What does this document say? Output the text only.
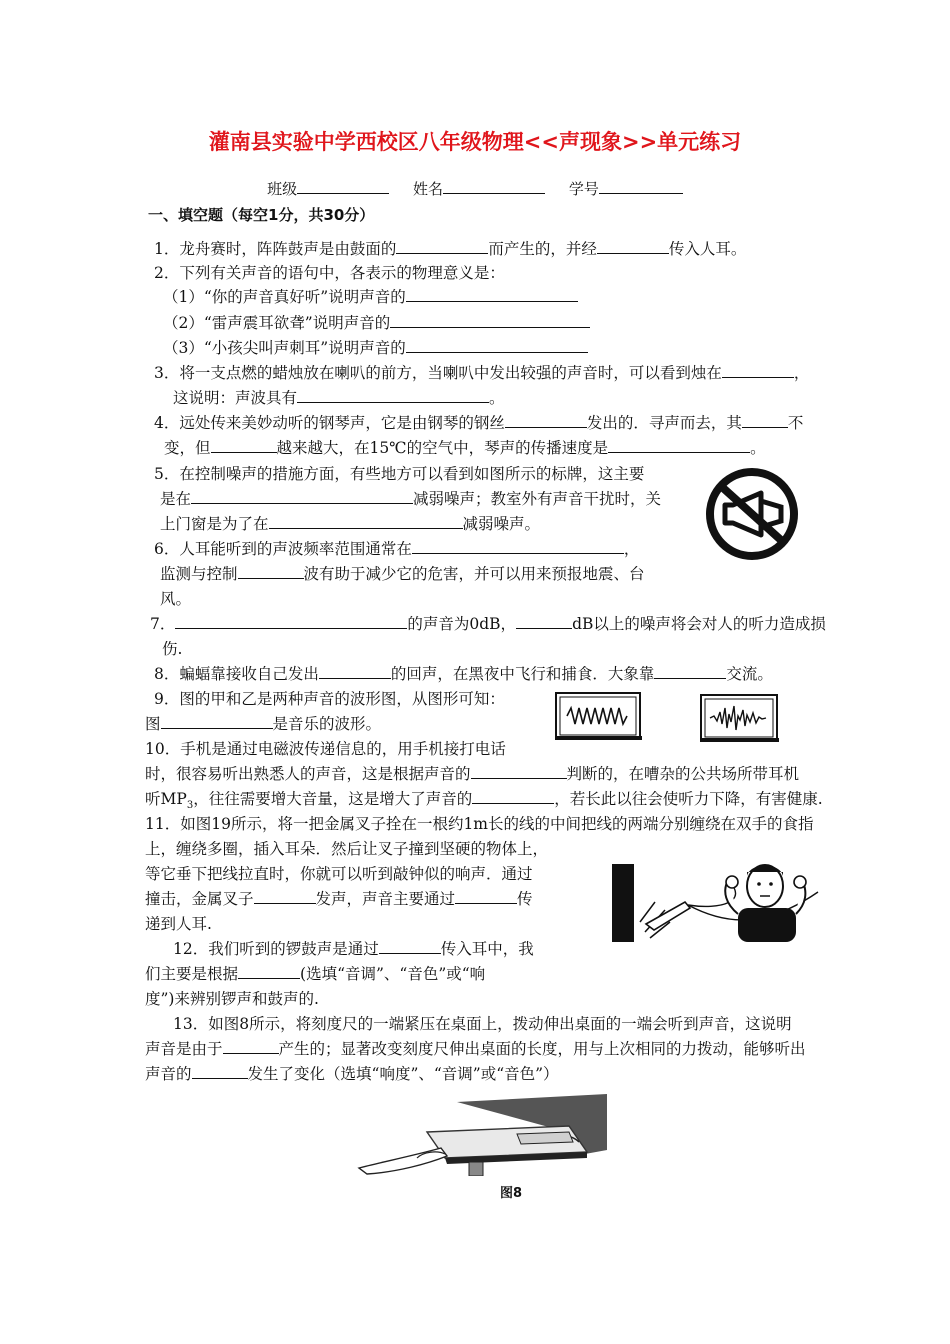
灌南县实验中学西校区八年级物理<<声现象>>单元练习
班级	姓名	学号
一、填空题（每空1分，共30分）
1．龙舟赛时，阵阵鼓声是由鼓面的	而产生的，并经	传入人耳。
2．下列有关声音的语句中，各表示的物理意义是：
（1）“你的声音真好听”说明声音的
（2）“雷声震耳欲聋”说明声音的
（3）“小孩尖叫声刺耳”说明声音的
3．将一支点燃的蜡烛放在喇叭的前方，当喇叭中发出较强的声音时，可以看到烛在	，
这说明：声波具有	。
4．远处传来美妙动听的钢琴声，它是由钢琴的钢丝	发出的．寻声而去，其	不
变，但	越来越大，在15℃的空气中，琴声的传播速度是	。
5．在控制噪声的措施方面，有些地方可以看到如图所示的标牌，这主要
是在	减弱噪声；教室外有声音干扰时，关
上门窗是为了在	减弱噪声。
6．人耳能听到的声波频率范围通常在	，
监测与控制	波有助于减少它的危害，并可以用来预报地震、台
风。
7．	的声音为0dB，	dB以上的噪声将会对人的听力造成损
伤.
8．蝙蝠靠接收自己发出	的回声，在黑夜中飞行和捕食．大象靠	交流。
9．图的甲和乙是两种声音的波形图，从图形可知：
图	是音乐的波形。
10．手机是通过电磁波传递信息的，用手机接打电话
时，很容易听出熟悉人的声音，这是根据声音的	判断的，在嘈杂的公共场所带耳机
听$MP_3$，往往需要增大音量，这是增大了声音的	，若长此以往会使听力下降，有害健康.
11．如图19所示，将一把金属叉子拴在一根约1m长的线的中间把线的两端分别缠绕在双手的食指
上，缠绕多圈，插入耳朵．然后让叉子撞到坚硬的物体上，
等它垂下把线拉直时，你就可以听到敲钟似的响声．通过
撞击，金属叉子	发声，声音主要通过	传
递到人耳.
12．我们听到的锣鼓声是通过	传入耳中，我
们主要是根据	(选填“音调”、“音色”或“响
度”)来辨别锣声和鼓声的.
13．如图8所示，将刻度尺的一端紧压在桌面上，拨动伸出桌面的一端会听到声音，这说明
声音是由于	产生的；显著改变刻度尺伸出桌面的长度，用与上次相同的力拨动，能够听出
声音的	发生了变化（选填“响度”、“音调”或“音色”）
图8
